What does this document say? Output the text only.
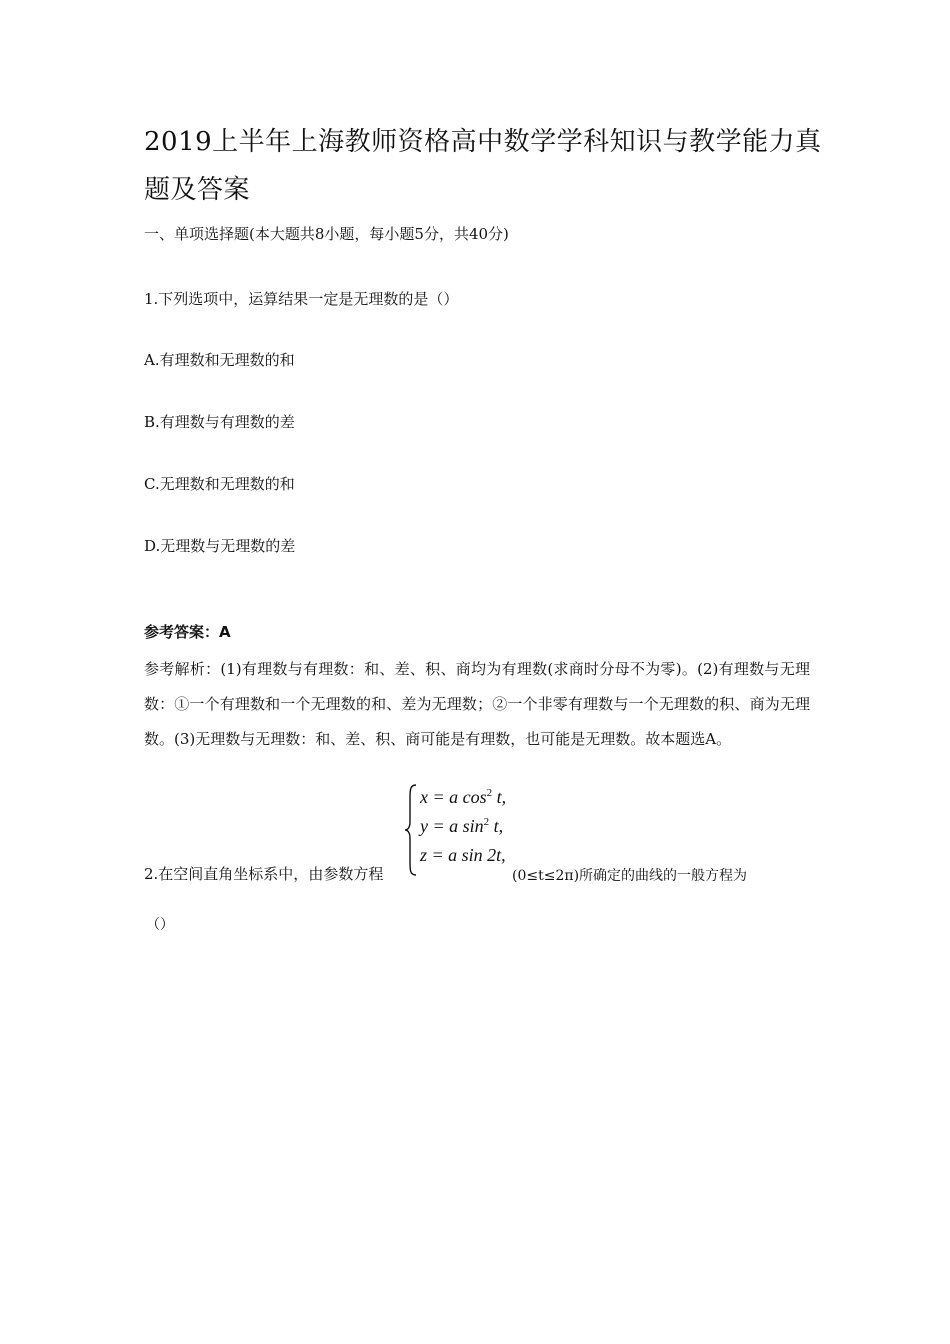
2019上半年上海教师资格高中数学学科知识与教学能力真题及答案
一、单项选择题(本大题共8小题，每小题5分，共40分)
1.下列选项中，运算结果一定是无理数的是（）
A.有理数和无理数的和
B.有理数与有理数的差
C.无理数和无理数的和
D.无理数与无理数的差
参考答案：A
参考解析：(1)有理数与有理数：和、差、积、商均为有理数(求商时分母不为零)。(2)有理数与无理数：①一个有理数和一个无理数的和、差为无理数；②一个非零有理数与一个无理数的积、商为无理数。(3)无理数与无理数：和、差、积、商可能是有理数，也可能是无理数。故本题选A。
2.在空间直角坐标系中，由参数方程
x = a $\cos^2 t$,
y = a $\sin^2 t$,
z = a sin 2t,
(0≤t≤2π)所确定的曲线的一般方程为
（）
